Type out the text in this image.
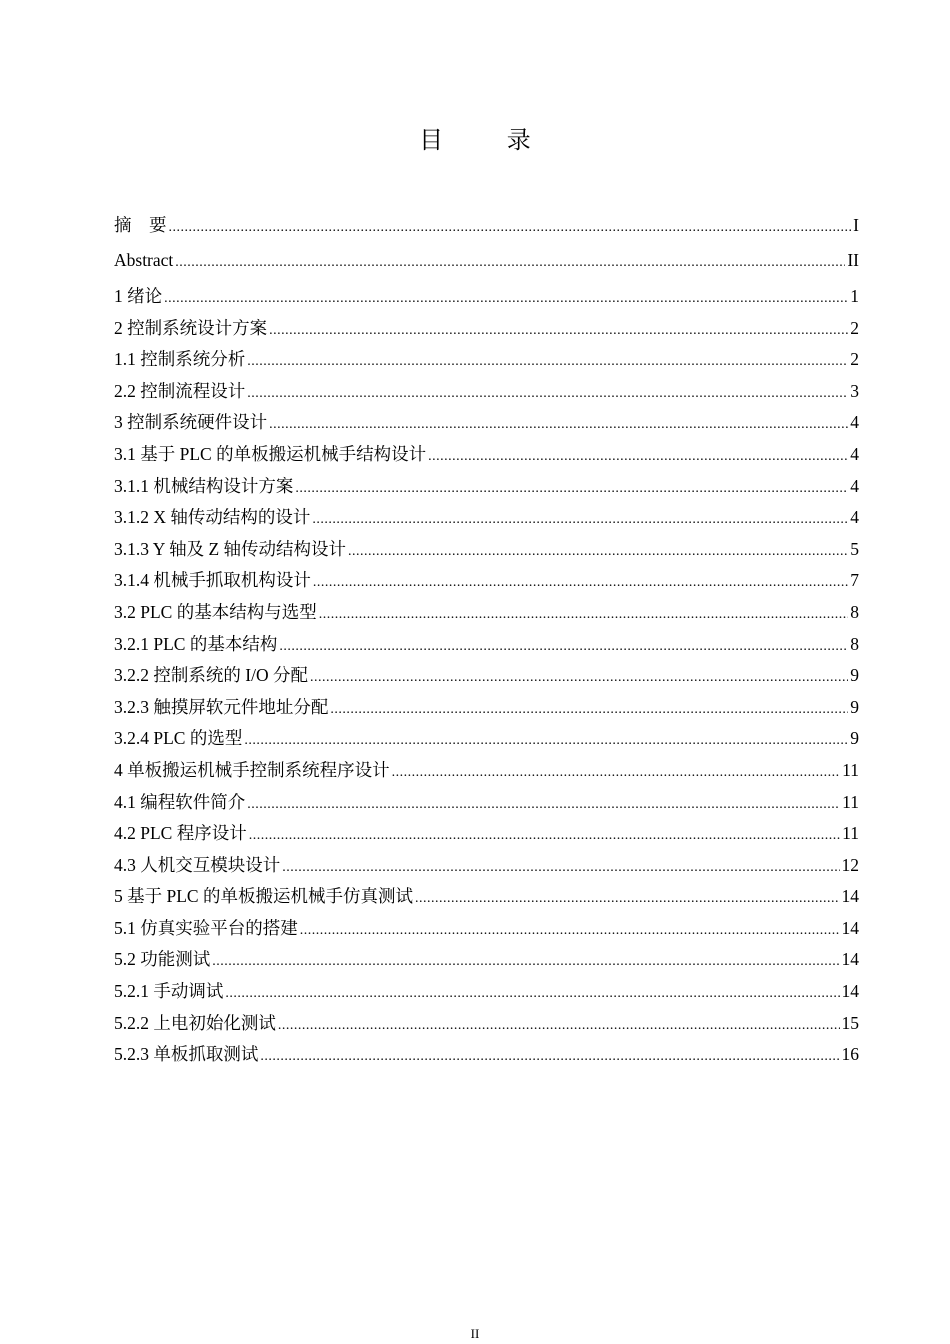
目 录
摘　要 .....	I
Abstract .....	II
1 绪论 .....	1
2 控制系统设计方案 .....	2
1.1 控制系统分析 .....	2
2.2 控制流程设计 .....	3
3 控制系统硬件设计 .....	4
3.1 基于 PLC 的单板搬运机械手结构设计 .....	4
3.1.1 机械结构设计方案 .....	4
3.1.2 X 轴传动结构的设计 .....	4
3.1.3 Y 轴及 Z 轴传动结构设计 .....	5
3.1.4 机械手抓取机构设计 .....	7
3.2 PLC 的基本结构与选型 .....	8
3.2.1 PLC 的基本结构 .....	8
3.2.2 控制系统的 I/O 分配 .....	9
3.2.3 触摸屏软元件地址分配 .....	9
3.2.4 PLC 的选型 .....	9
4 单板搬运机械手控制系统程序设计 .....	11
4.1 编程软件简介 .....	11
4.2 PLC 程序设计 .....	11
4.3 人机交互模块设计 .....	12
5 基于 PLC 的单板搬运机械手仿真测试 .....	14
5.1 仿真实验平台的搭建 .....	14
5.2 功能测试 .....	14
5.2.1 手动调试 .....	14
5.2.2 上电初始化测试 .....	15
5.2.3 单板抓取测试 .....	16
II
